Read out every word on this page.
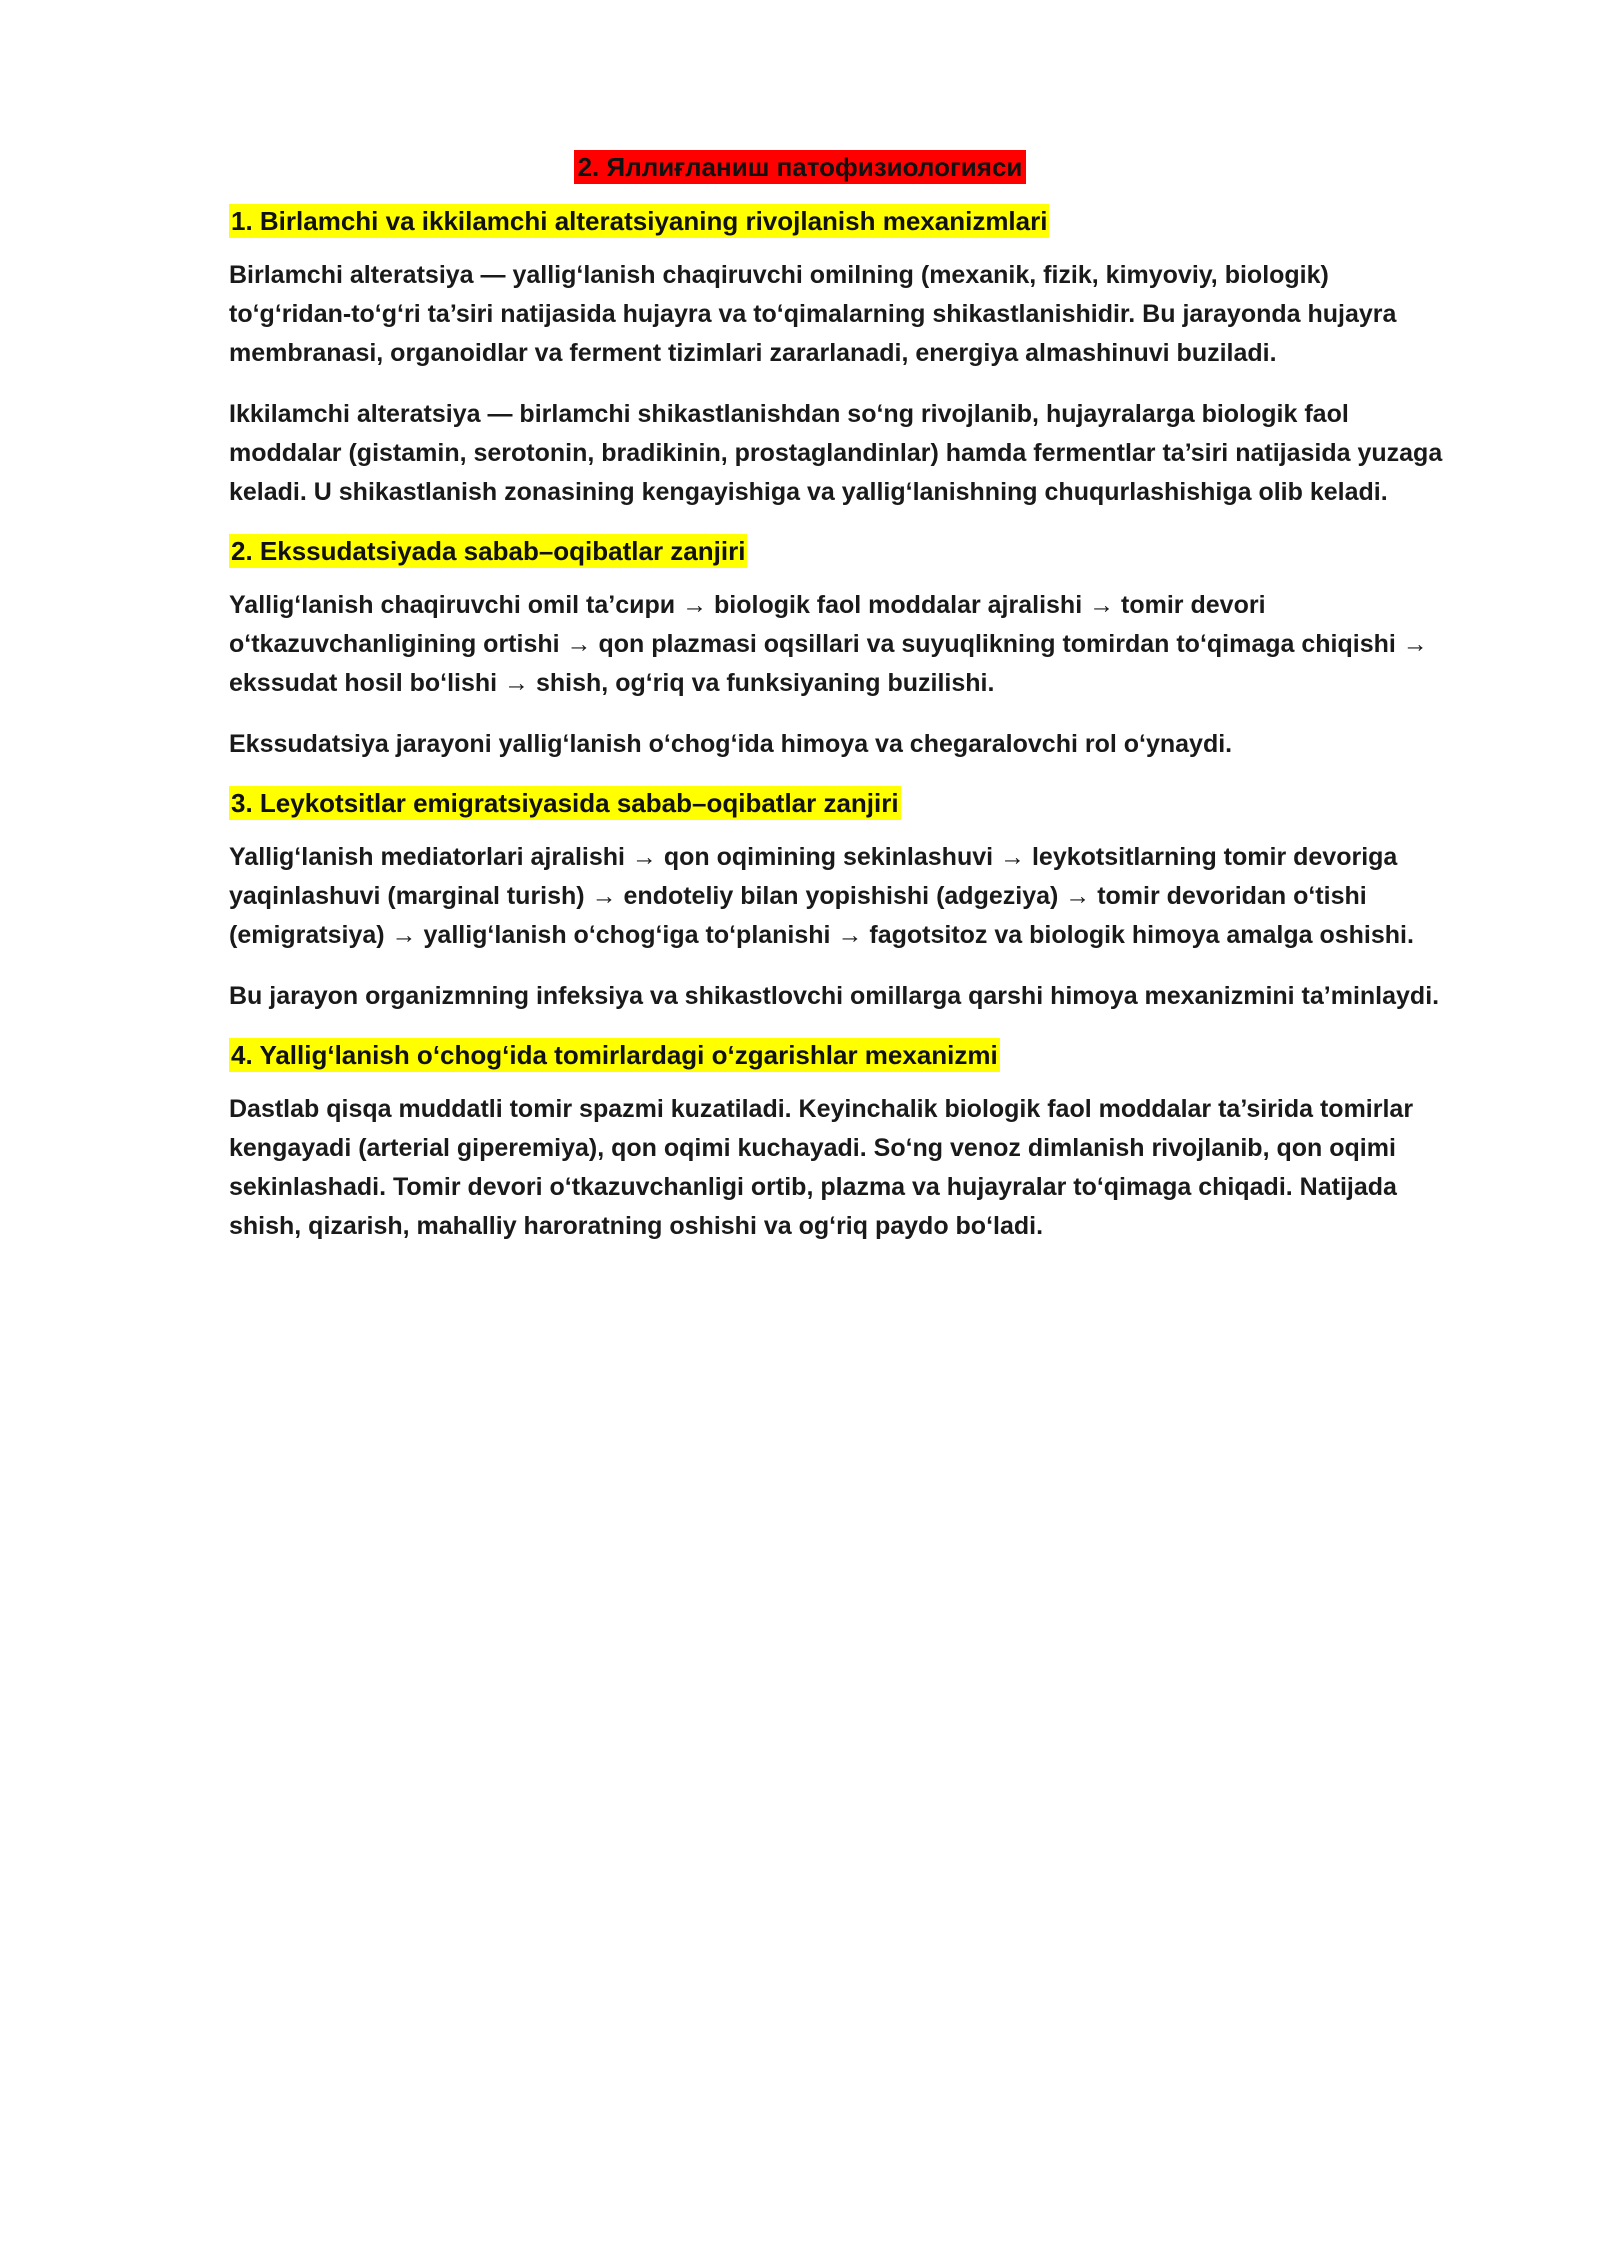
2. Яллиғланиш патофизиологияси
1. Birlamchi va ikkilamchi alteratsiyaning rivojlanish mexanizmlari

Birlamchi alteratsiya — yallig‘lanish chaqiruvchi omilning (mexanik, fizik, kimyoviy, biologik) to‘g‘ridan-to‘g‘ri ta’siri natijasida hujayra va to‘qimalarning shikastlanishidir. Bu jarayonda hujayra membranasi, organoidlar va ferment tizimlari zararlanadi, energiya almashinuvi buziladi.

Ikkilamchi alteratsiya — birlamchi shikastlanishdan so‘ng rivojlanib, hujayralarga biologik faol moddalar (gistamin, serotonin, bradikinin, prostaglandinlar) hamda fermentlar ta’siri natijasida yuzaga keladi. U shikastlanish zonasining kengayishiga va yallig‘lanishning chuqurlashishiga olib keladi.

2. Ekssudatsiyada sabab–oqibatlar zanjiri

Yallig‘lanish chaqiruvchi omil ta’сири → biologik faol moddalar ajralishi → tomir devori o‘tkazuvchanligining ortishi → qon plazmasi oqsillari va suyuqlikning tomirdan to‘qimaga chiqishi → ekssudat hosil bo‘lishi → shish, og‘riq va funksiyaning buzilishi.

Ekssudatsiya jarayoni yallig‘lanish o‘chog‘ida himoya va chegaralovchi rol o‘ynaydi.

3. Leykotsitlar emigratsiyasida sabab–oqibatlar zanjiri

Yallig‘lanish mediatorlari ajralishi → qon oqimining sekinlashuvi → leykotsitlarning tomir devoriga yaqinlashuvi (marginal turish) → endoteliy bilan yopishishi (adgeziya) → tomir devoridan o‘tishi (emigratsiya) → yallig‘lanish o‘chog‘iga to‘planishi → fagotsitoz va biologik himoya amalga oshishi.

Bu jarayon organizmning infeksiya va shikastlovchi omillarga qarshi himoya mexanizmini ta’minlaydi.

4. Yallig‘lanish o‘chog‘ida tomirlardagi o‘zgarishlar mexanizmi

Dastlab qisqa muddatli tomir spazmi kuzatiladi. Keyinchalik biologik faol moddalar ta’sirida tomirlar kengayadi (arterial giperemiya), qon oqimi kuchayadi. So‘ng venoz dimlanish rivojlanib, qon oqimi sekinlashadi. Tomir devori o‘tkazuvchanligi ortib, plazma va hujayralar to‘qimaga chiqadi. Natijada shish, qizarish, mahalliy haroratning oshishi va og‘riq paydo bo‘ladi.
